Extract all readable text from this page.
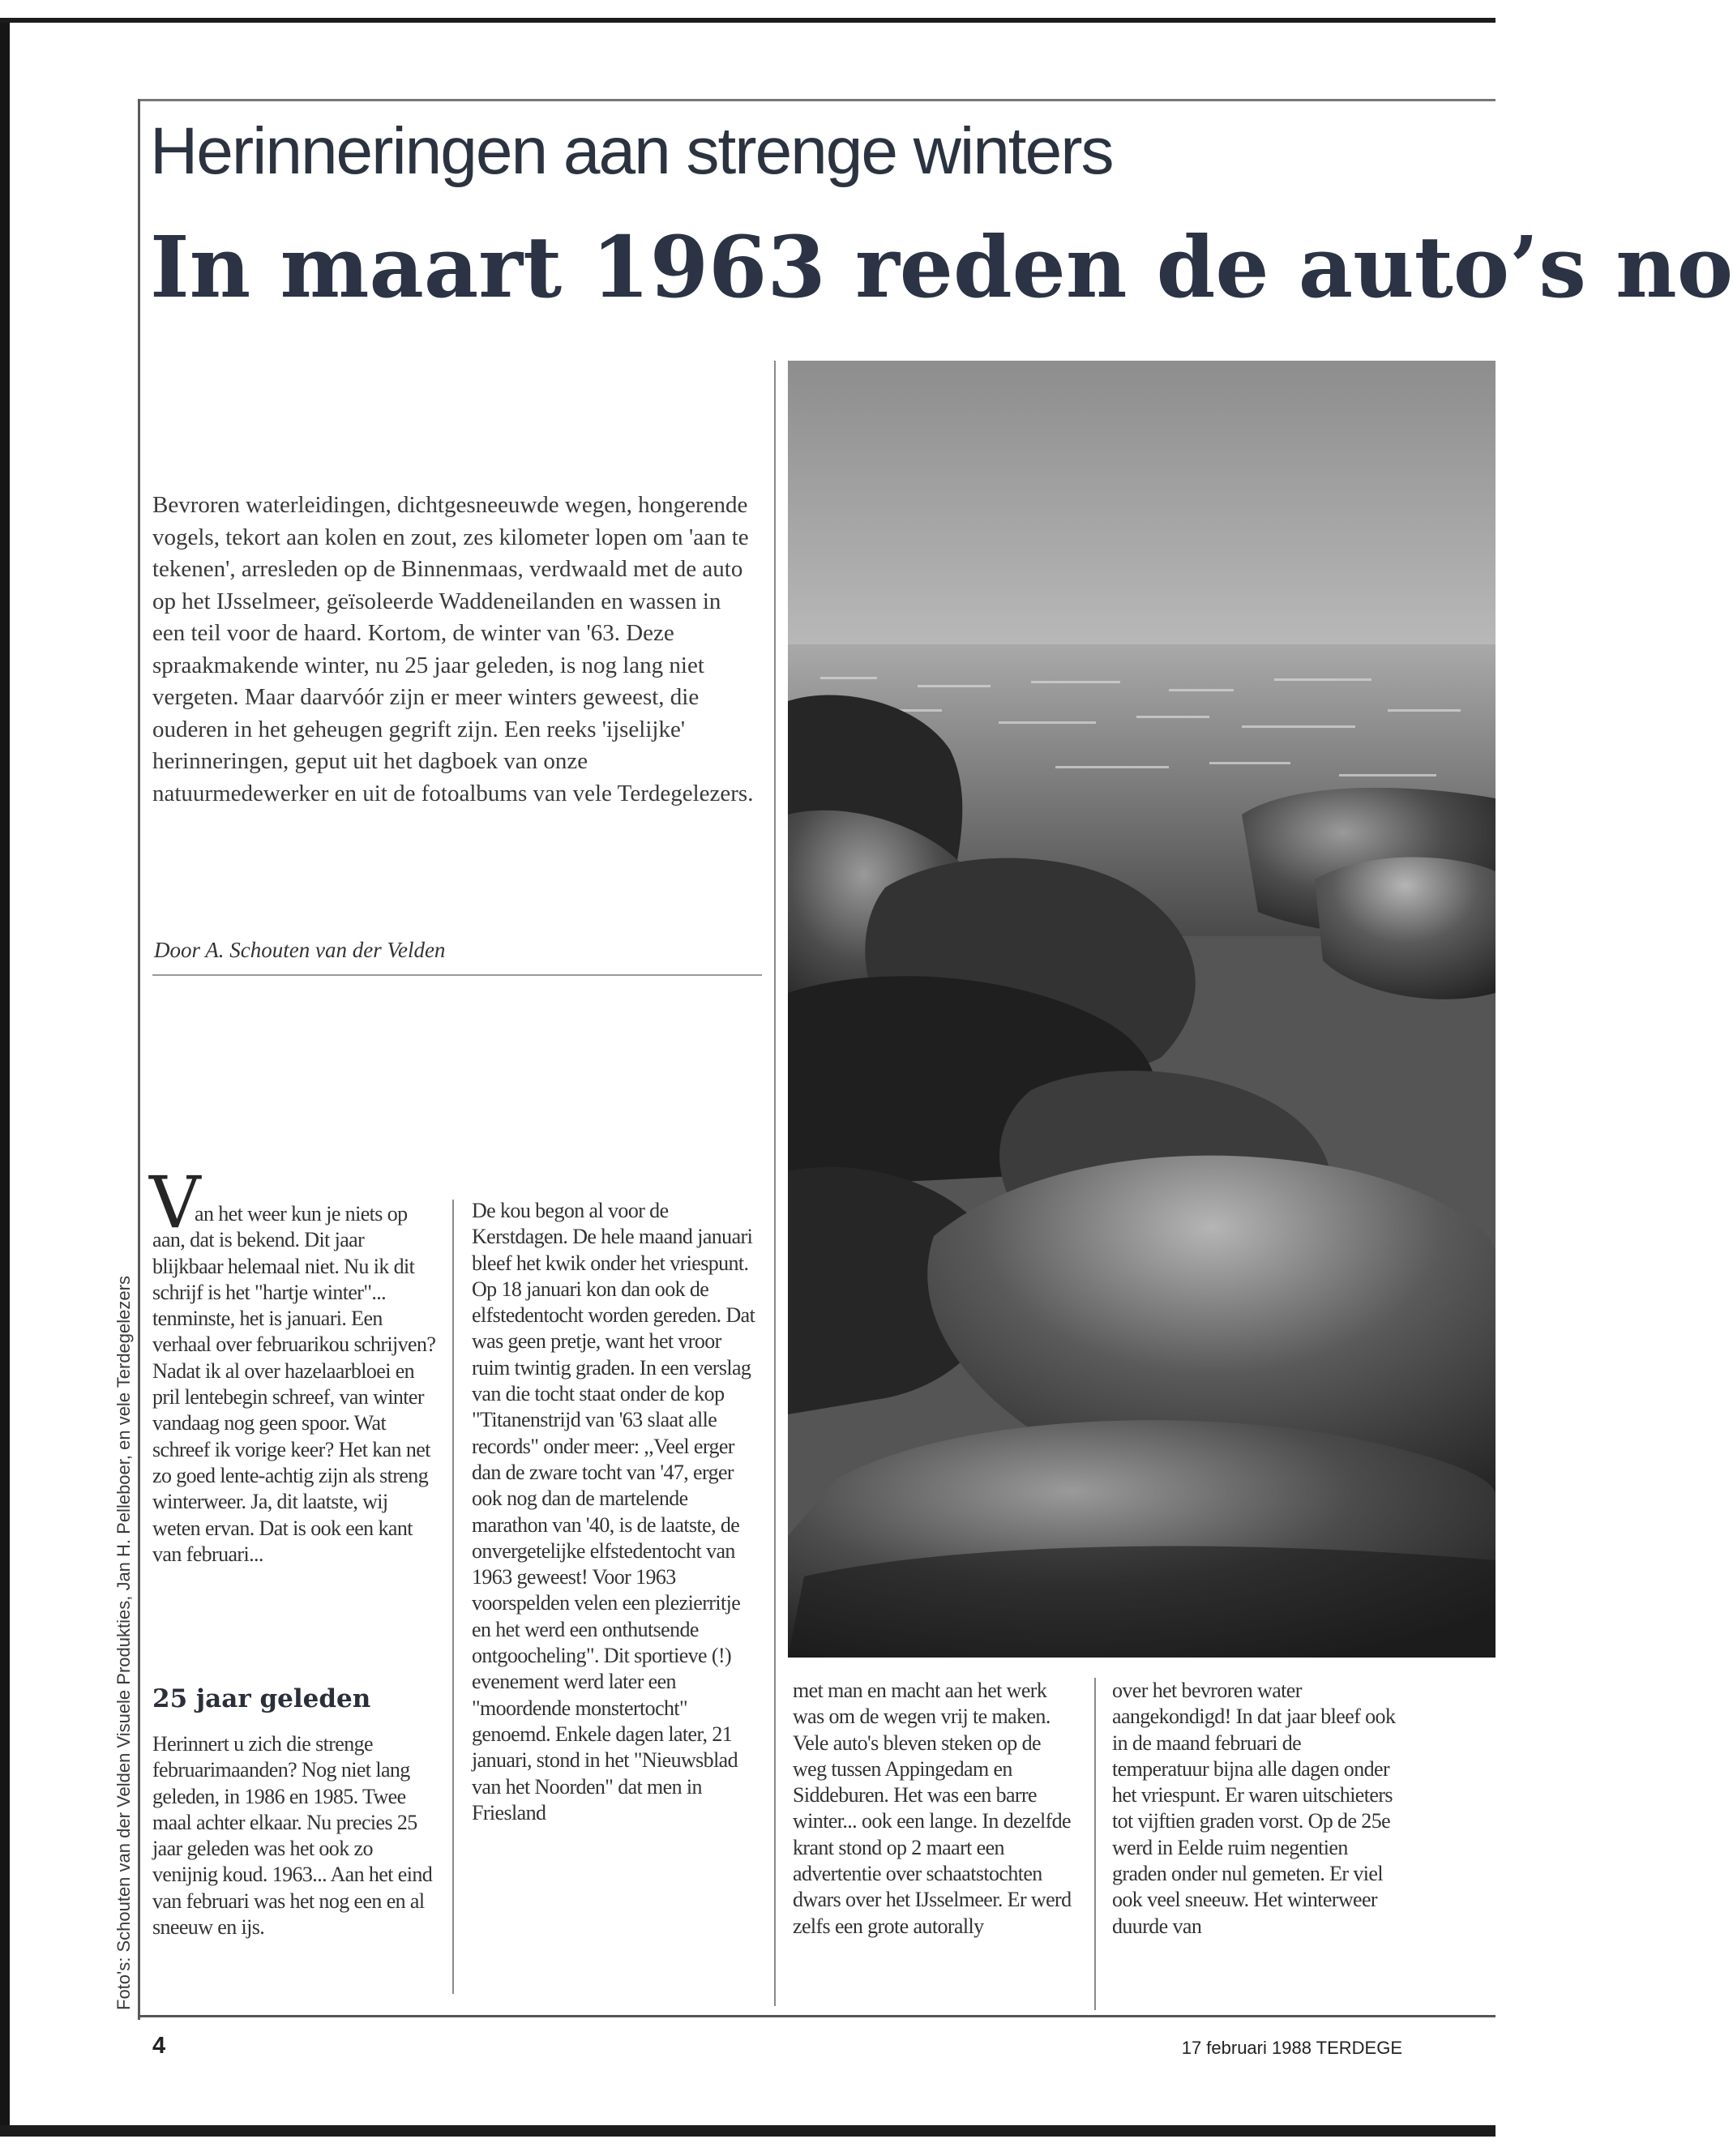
Herinneringen aan strenge winters
In maart 1963 reden de auto’s no

Bevroren waterleidingen, dichtgesneeuwde wegen, hongerende vogels, tekort aan kolen en zout, zes kilometer lopen om 'aan te tekenen', arresleden op de Binnenmaas, verdwaald met de auto op het IJsselmeer, geïsoleerde Waddeneilanden en wassen in een teil voor de haard. Kortom, de winter van '63. Deze spraakmakende winter, nu 25 jaar geleden, is nog lang niet vergeten. Maar daarvóór zijn er meer winters geweest, die ouderen in het geheugen gegrift zijn. Een reeks 'ijselijke' herinneringen, geput uit het dagboek van onze natuurmedewerker en uit de fotoalbums van vele Terdegelezers.

Door A. Schouten van der Velden
Foto's: Schouten van der Velden Visuele Produkties, Jan H. Pelleboer, en vele Terdegelezers
V

an het weer kun je niets op aan, dat is bekend. Dit jaar blijkbaar helemaal niet. Nu ik dit schrijf is het "hartje winter"... tenminste, het is januari. Een verhaal over februarikou schrijven? Nadat ik al over hazelaarbloei en pril lentebegin schreef, van winter vandaag nog geen spoor. Wat schreef ik vorige keer? Het kan net zo goed lente-achtig zijn als streng winterweer. Ja, dit laatste, wij weten ervan. Dat is ook een kant van februari...

25 jaar geleden

Herinnert u zich die strenge februarimaanden? Nog niet lang geleden, in 1986 en 1985. Twee maal achter elkaar. Nu precies 25 jaar geleden was het ook zo venijnig koud. 1963... Aan het eind van februari was het nog een en al sneeuw en ijs.

De kou begon al voor de Kerstdagen. De hele maand januari bleef het kwik onder het vriespunt. Op 18 januari kon dan ook de elfstedentocht worden gereden. Dat was geen pretje, want het vroor ruim twintig graden. In een verslag van die tocht staat onder de kop "Titanenstrijd van '63 slaat alle records" onder meer: ,,Veel erger dan de zware tocht van '47, erger ook nog dan de martelende marathon van '40, is de laatste, de onvergetelijke elfstedentocht van 1963 geweest! Voor 1963 voorspelden velen een plezierritje en het werd een onthutsende ontgoocheling". Dit sportieve (!) evenement werd later een "moordende monstertocht" genoemd. Enkele dagen later, 21 januari, stond in het "Nieuwsblad van het Noorden" dat men in Friesland

met man en macht aan het werk was om de wegen vrij te maken. Vele auto's bleven steken op de weg tussen Appingedam en Siddeburen. Het was een barre winter... ook een lange. In dezelfde krant stond op 2 maart een advertentie over schaatstochten dwars over het IJsselmeer. Er werd zelfs een grote autorally

over het bevroren water aangekondigd! In dat jaar bleef ook in de maand februari de temperatuur bijna alle dagen onder het vriespunt. Er waren uitschieters tot vijftien graden vorst. Op de 25e werd in Eelde ruim negentien graden onder nul gemeten. Er viel ook veel sneeuw. Het winterweer duurde van

4	17 februari 1988 TERDEGE
